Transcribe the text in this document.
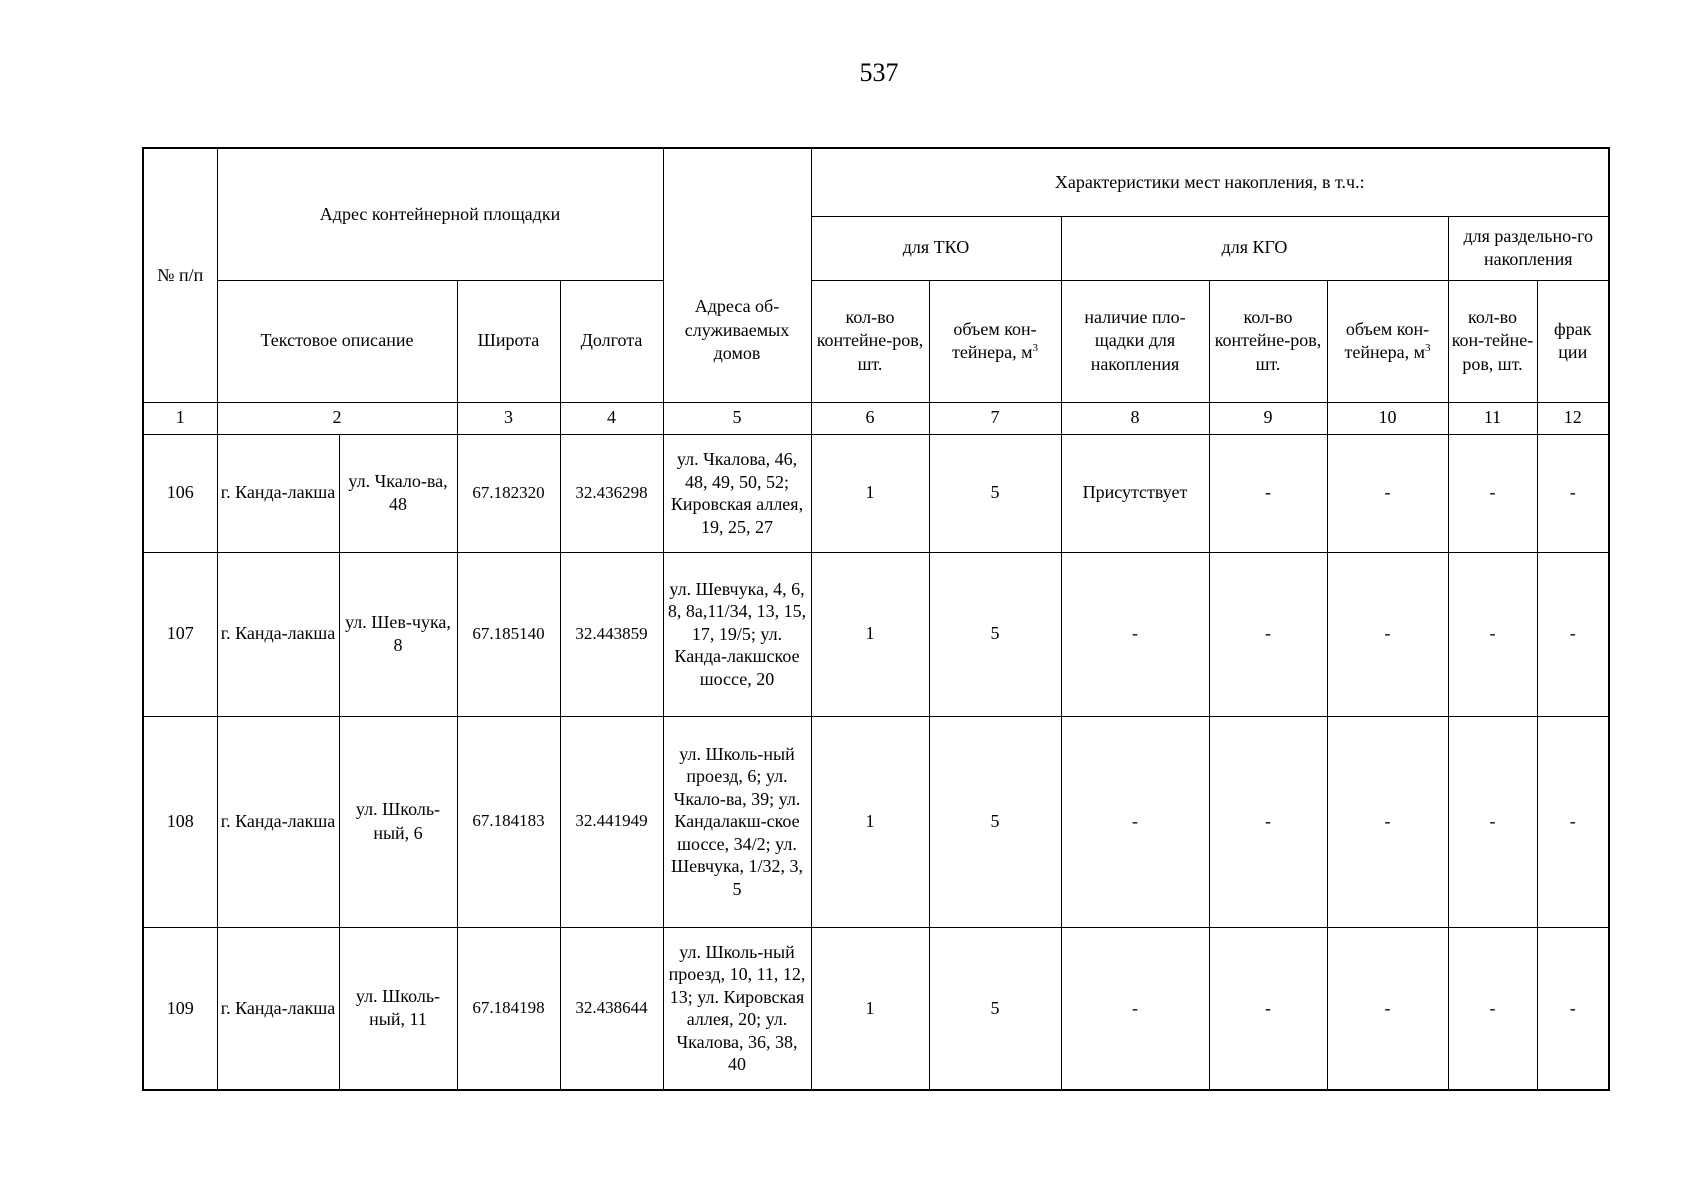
537
№ п/п	Адрес контейнерной площадки				Адреса об-служиваемых домов	Характеристики мест накопления, в т.ч.:						
						для ТКО		для КГО			для раздельно-го накопления	
						кол-во контейне-ров, шт.	объем кон-тейнера, $м^3$	наличие пло-щадки для накопления	кол-во контейне-ров, шт.	объем кон-тейнера, $м^3$	кол-во кон-тейне-ров, шт.	фрак ции
	Текстовое описание		Широта	Долгота								
1	2		3	4	5	6	7	8	9	10	11	12
106	г. Канда-лакша	ул. Чкало-ва, 48	67.182320	32.436298	ул. Чкалова, 46, 48, 49, 50, 52; Кировская аллея, 19, 25, 27	1	5	Присутствует	-	-	-	-
107	г. Канда-лакша	ул. Шев-чука, 8	67.185140	32.443859	ул. Шевчука, 4, 6, 8, 8а,11/34, 13, 15, 17, 19/5; ул. Канда-лакшское шоссе, 20	1	5	-	-	-	-	-
108	г. Канда-лакша	ул. Школь-ный, 6	67.184183	32.441949	ул. Школь-ный проезд, 6; ул. Чкало-ва, 39; ул. Кандалакш-ское шоссе, 34/2; ул. Шевчука, 1/32, 3, 5	1	5	-	-	-	-	-
109	г. Канда-лакша	ул. Школь-ный, 11	67.184198	32.438644	ул. Школь-ный проезд, 10, 11, 12, 13; ул. Кировская аллея, 20; ул. Чкалова, 36, 38, 40	1	5	-	-	-	-	-
